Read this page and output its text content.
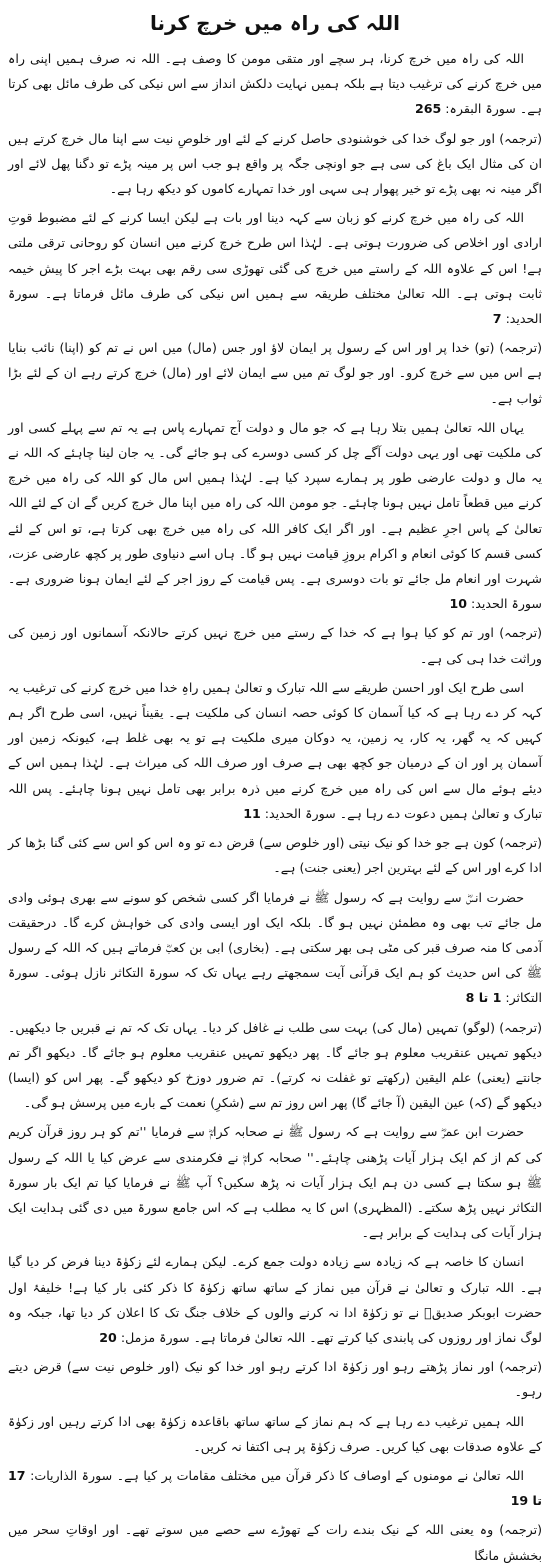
اللہ کی راہ میں خرچ کرنا

اللہ کی راہ میں خرچ کرنا، ہر سچے اور متقی مومن کا وصف ہے۔ اللہ نہ صرف ہمیں اپنی راہ میں خرچ کرنے کی ترغیب دیتا ہے بلکہ ہمیں نہایت دلکش انداز سے اس نیکی کی طرف مائل بھی کرتا ہے۔ سورۃ البقرہ: 265

(ترجمہ) اور جو لوگ خدا کی خوشنودی حاصل کرنے کے لئے اور خلوصِ نیت سے اپنا مال خرچ کرتے ہیں ان کی مثال ایک باغ کی سی ہے جو اونچی جگہ پر واقع ہو جب اس پر مینہ پڑے تو دگنا پھل لائے اور اگر مینہ نہ بھی پڑے تو خیر پھوار ہی سہی اور خدا تمہارے کاموں کو دیکھ رہا ہے۔

اللہ کی راہ میں خرچ کرنے کو زبان سے کہہ دینا اور بات ہے لیکن ایسا کرنے کے لئے مضبوط قوتِ ارادی اور اخلاص کی ضرورت ہوتی ہے۔ لہٰذا اس طرح خرچ کرنے میں انسان کو روحانی ترقی ملتی ہے! اس کے علاوہ اللہ کے راستے میں خرچ کی گئی تھوڑی سی رقم بھی بہت بڑے اجر کا پیش خیمہ ثابت ہوتی ہے۔ اللہ تعالیٰ مختلف طریقہ سے ہمیں اس نیکی کی طرف مائل فرماتا ہے۔ سورۃ الحدید: 7

(ترجمہ) (تو) خدا پر اور اس کے رسول پر ایمان لاؤ اور جس (مال) میں اس نے تم کو (اپنا) نائب بنایا ہے اس میں سے خرچ کرو۔ اور جو لوگ تم میں سے ایمان لائے اور (مال) خرچ کرتے رہے ان کے لئے بڑا ثواب ہے۔

یہاں اللہ تعالیٰ ہمیں بتلا رہا ہے کہ جو مال و دولت آج تمہارے پاس ہے یہ تم سے پہلے کسی اور کی ملکیت تھی اور یہی دولت آگے چل کر کسی دوسرے کی ہو جائے گی۔ یہ جان لینا چاہئے کہ اللہ نے یہ مال و دولت عارضی طور پر ہمارے سپرد کیا ہے۔ لہٰذا ہمیں اس مال کو اللہ کی راہ میں خرچ کرنے میں قطعاً تامل نہیں ہونا چاہئے۔ جو مومن اللہ کی راہ میں اپنا مال خرچ کریں گے ان کے لئے اللہ تعالیٰ کے پاس اجرِ عظیم ہے۔ اور اگر ایک کافر اللہ کی راہ میں خرچ بھی کرتا ہے، تو اس کے لئے کسی قسم کا کوئی انعام و اکرام بروزِ قیامت نہیں ہو گا۔ ہاں اسے دنیاوی طور پر کچھ عارضی عزت، شہرت اور انعام مل جائے تو بات دوسری ہے۔ پس قیامت کے روز اجر کے لئے ایمان ہونا ضروری ہے۔ سورۃ الحدید: 10

(ترجمہ) اور تم کو کیا ہوا ہے کہ خدا کے رستے میں خرچ نہیں کرتے حالانکہ آسمانوں اور زمین کی وراثت خدا ہی کی ہے۔

اسی طرح ایک اور احسن طریقے سے اللہ تبارک و تعالیٰ ہمیں راہِ خدا میں خرچ کرنے کی ترغیب یہ کہہ کر دے رہا ہے کہ کیا آسمان کا کوئی حصہ انسان کی ملکیت ہے۔ یقیناً نہیں، اسی طرح اگر ہم کہیں کہ یہ گھر، یہ کار، یہ زمین، یہ دوکان میری ملکیت ہے تو یہ بھی غلط ہے، کیونکہ زمین اور آسمان پر اور ان کے درمیان جو کچھ بھی ہے صرف اور صرف اللہ کی میراث ہے۔ لہٰذا ہمیں اس کے دیئے ہوئے مال سے اس کی راہ میں خرچ کرنے میں ذرہ برابر بھی تامل نہیں ہونا چاہئے۔ پس اللہ تبارک و تعالیٰ ہمیں دعوت دے رہا ہے۔ سورۃ الحدید: 11

(ترجمہ) کون ہے جو خدا کو نیک نیتی (اور خلوص سے) قرض دے تو وہ اس کو اس سے کئی گنا بڑھا کر ادا کرے اور اس کے لئے بہترین اجر (یعنی جنت) ہے۔

حضرت انسؓ سے روایت ہے کہ رسول ﷺ نے فرمایا اگر کسی شخص کو سونے سے بھری ہوئی وادی مل جائے تب بھی وہ مطمئن نہیں ہو گا۔ بلکہ ایک اور ایسی وادی کی خواہش کرے گا۔ درحقیقت آدمی کا منہ صرف قبر کی مٹی ہی بھر سکتی ہے۔ (بخاری) ابی بن کعبؓ فرماتے ہیں کہ اللہ کے رسول ﷺ کی اس حدیث کو ہم ایک قرآنی آیت سمجھتے رہے یہاں تک کہ سورۃ التکاثر نازل ہوئی۔ سورۃ التکاثر: 1 تا 8

(ترجمہ) (لوگو) تمہیں (مال کی) بہت سی طلب نے غافل کر دیا۔ یہاں تک کہ تم نے قبریں جا دیکھیں۔ دیکھو تمہیں عنقریب معلوم ہو جائے گا۔ پھر دیکھو تمہیں عنقریب معلوم ہو جائے گا۔ دیکھو اگر تم جانتے (یعنی) علم الیقین (رکھتے تو غفلت نہ کرتے)۔ تم ضرور دوزخ کو دیکھو گے۔ پھر اس کو (ایسا) دیکھو گے (کہ) عین الیقین (آ جائے گا) پھر اس روز تم سے (شکرِ) نعمت کے بارے میں پرسش ہو گی۔

حضرت ابن عمرؓ سے روایت ہے کہ رسول ﷺ نے صحابہ کرامؓ سے فرمایا ''تم کو ہر روز قرآن کریم کی کم از کم ایک ہزار آیات پڑھنی چاہئے۔'' صحابہ کرامؓ نے فکرمندی سے عرض کیا یا اللہ کے رسول ﷺ ہو سکتا ہے کسی دن ہم ایک ہزار آیات نہ پڑھ سکیں؟ آپ ﷺ نے فرمایا کیا تم ایک بار سورۃ التکاثر نہیں پڑھ سکتے۔ (المظہری) اس کا یہ مطلب ہے کہ اس جامع سورۃ میں دی گئی ہدایت ایک ہزار آیات کی ہدایت کے برابر ہے۔

انسان کا خاصہ ہے کہ زیادہ سے زیادہ دولت جمع کرے۔ لیکن ہمارے لئے زکوٰۃ دینا فرض کر دیا گیا ہے۔ اللہ تبارک و تعالیٰ نے قرآن میں نماز کے ساتھ ساتھ زکوٰۃ کا ذکر کئی بار کیا ہے! خلیفۂ اول حضرت ابوبکر صدیقؓ نے تو زکوٰۃ ادا نہ کرنے والوں کے خلاف جنگ تک کا اعلان کر دیا تھا، جبکہ وہ لوگ نماز اور روزوں کی پابندی کیا کرتے تھے۔ اللہ تعالیٰ فرماتا ہے۔ سورۃ مزمل: 20

(ترجمہ) اور نماز پڑھتے رہو اور زکوٰۃ ادا کرتے رہو اور خدا کو نیک (اور خلوص نیت سے) قرض دیتے رہو۔

اللہ ہمیں ترغیب دے رہا ہے کہ ہم نماز کے ساتھ ساتھ باقاعدہ زکوٰۃ بھی ادا کرتے رہیں اور زکوٰۃ کے علاوہ صدقات بھی کیا کریں۔ صرف زکوٰۃ پر ہی اکتفا نہ کریں۔

اللہ تعالیٰ نے مومنوں کے اوصاف کا ذکر قرآن میں مختلف مقامات پر کیا ہے۔ سورۃ الذاریات: 17 تا 19

(ترجمہ) وہ یعنی اللہ کے نیک بندے رات کے تھوڑے سے حصے میں سوتے تھے۔ اور اوقاتِ سحر میں بخشش مانگا
